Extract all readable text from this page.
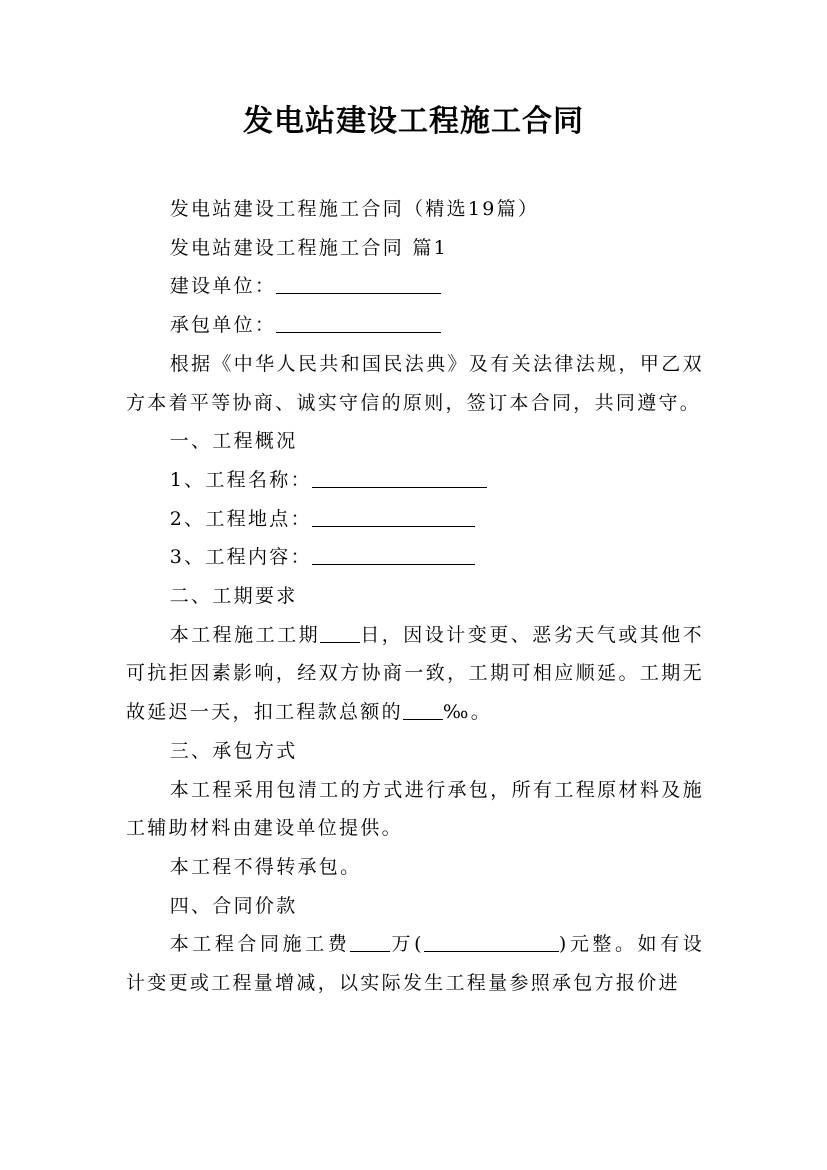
发电站建设工程施工合同

发电站建设工程施工合同（精选19篇）

发电站建设工程施工合同 篇1

建设单位：

承包单位：

根据《中华人民共和国民法典》及有关法律法规，甲乙双方本着平等协商、诚实守信的原则，签订本合同，共同遵守。

一、工程概况

1、工程名称：

2、工程地点：

3、工程内容：

二、工期要求

本工程施工工期 日，因设计变更、恶劣天气或其他不可抗拒因素影响，经双方协商一致，工期可相应顺延。工期无故延迟一天，扣工程款总额的 ‰。

三、承包方式

本工程采用包清工的方式进行承包，所有工程原材料及施工辅助材料由建设单位提供。

本工程不得转承包。

四、合同价款

本工程合同施工费 万(	)元整。如有设计变更或工程量增减，以实际发生工程量参照承包方报价进
